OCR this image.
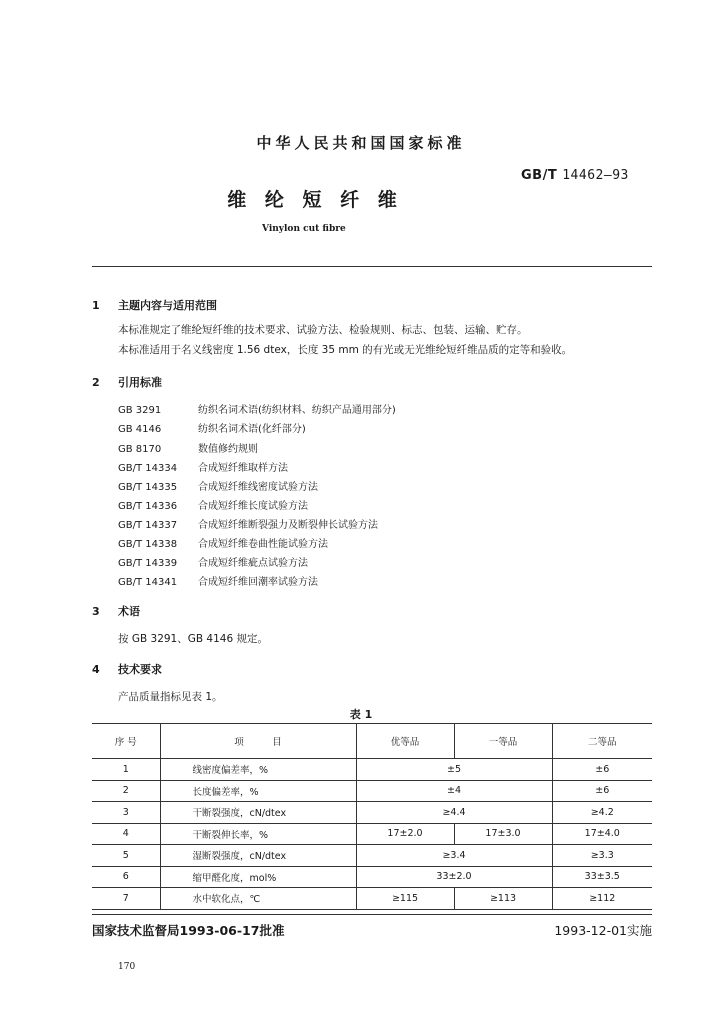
中华人民共和国国家标准
GB/T 14462—93
维 纶 短 纤 维
Vinylon cut fibre
1 主题内容与适用范围
本标准规定了维纶短纤维的技术要求、试验方法、检验规则、标志、包装、运输、贮存。
本标准适用于名义线密度 1.56 dtex，长度 35 mm 的有光或无光维纶短纤维品质的定等和验收。
2 引用标准
GB 3291	纺织名词术语(纺织材料、纺织产品通用部分)
GB 4146	纺织名词术语(化纤部分)
GB 8170	数值修约规则
GB/T 14334 合成短纤维取样方法
GB/T 14335 合成短纤维线密度试验方法
GB/T 14336 合成短纤维长度试验方法
GB/T 14337 合成短纤维断裂强力及断裂伸长试验方法
GB/T 14338 合成短纤维卷曲性能试验方法
GB/T 14339 合成短纤维疵点试验方法
GB/T 14341 合成短纤维回潮率试验方法
3 术语
按 GB 3291、GB 4146 规定。
4 技术要求
产品质量指标见表 1。
表 1
序 号	项　　　目	优等品	一等品	二等品
1	线密度偏差率，%	±5		±6
2	长度偏差率，%	±4		±6
3	干断裂强度，cN/dtex	≥4.4		≥4.2
4	干断裂伸长率，%	17±2.0	17±3.0	17±4.0
5	湿断裂强度，cN/dtex	≥3.4		≥3.3
6	缩甲醛化度，mol%	33±2.0		33±3.5
7	水中软化点，℃	≥115	≥113	≥112
国家技术监督局1993-06-17批准	1993-12-01实施
170
